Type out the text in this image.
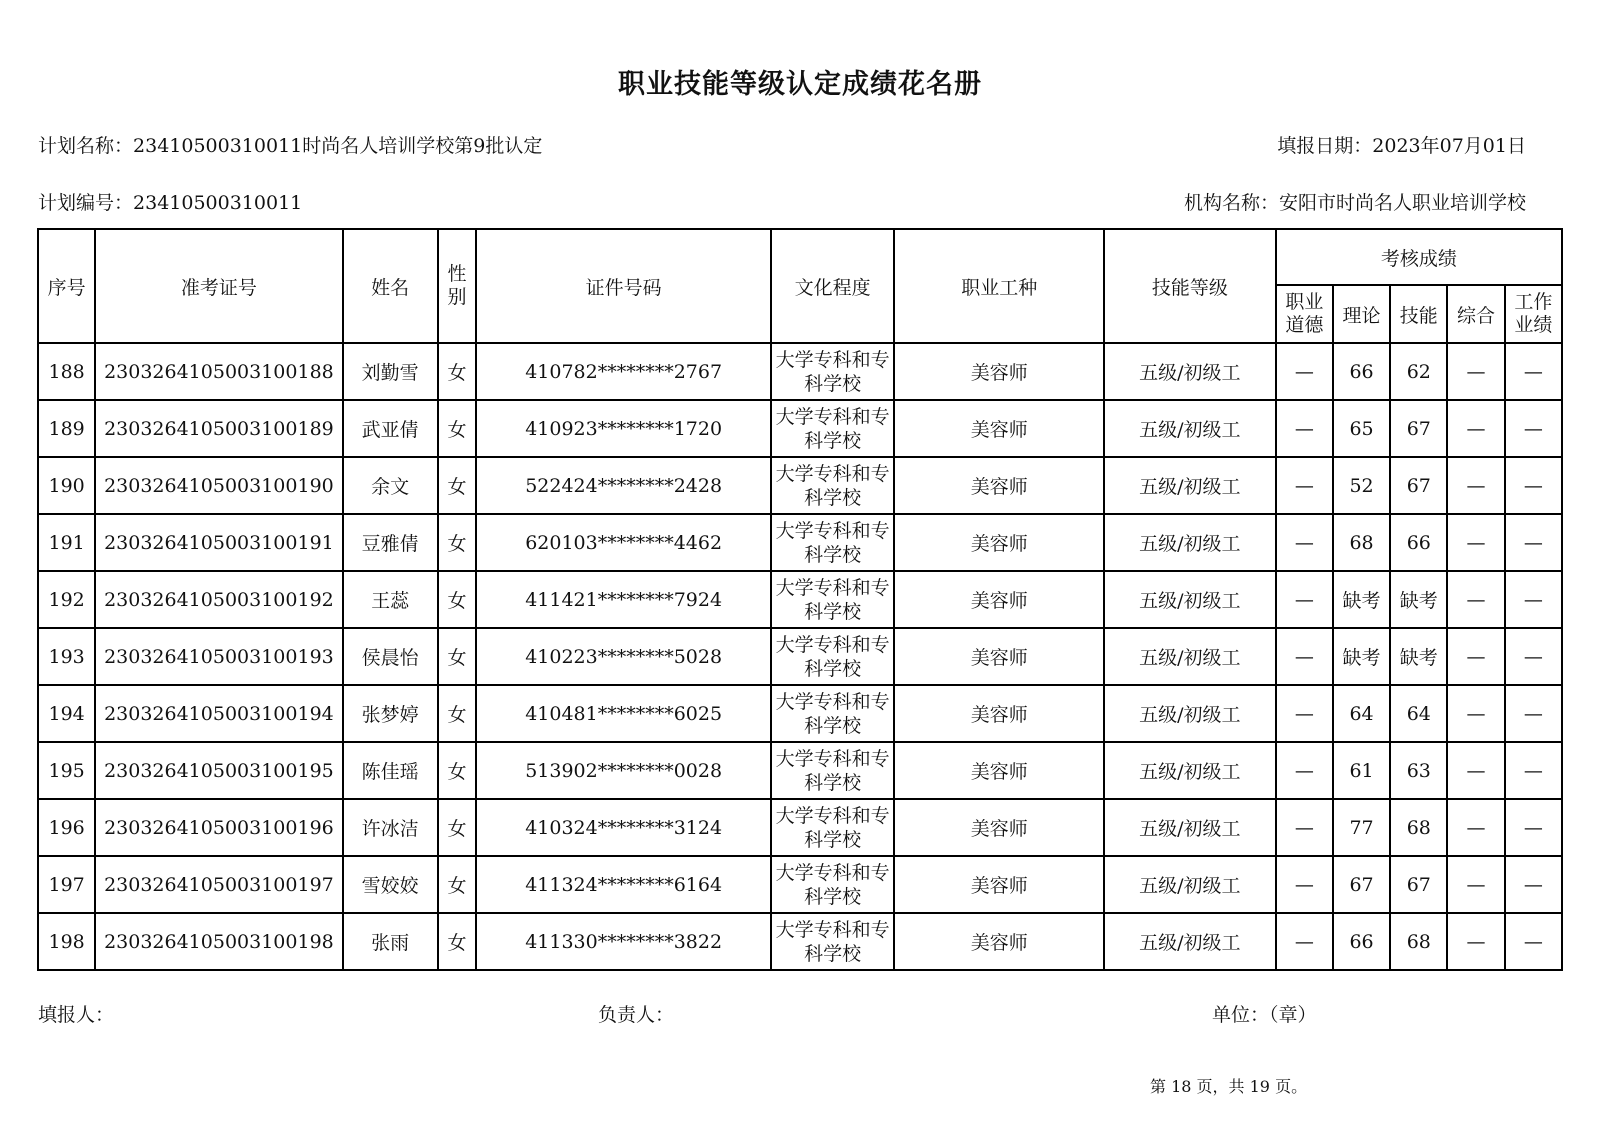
职业技能等级认定成绩花名册
计划名称：23410500310011时尚名人培训学校第9批认定	填报日期：2023年07月01日
计划编号：23410500310011	机构名称：安阳市时尚名人职业培训学校
序号	准考证号	姓名	性别	证件号码	文化程度	职业工种	技能等级	考核成绩				
								职业道德	理论	技能	综合	工作业绩
188	2303264105003100188	刘勤雪	女	410782********2767	大学专科和专科学校	美容师	五级/初级工	—	66	62	—	—
189	2303264105003100189	武亚倩	女	410923********1720	大学专科和专科学校	美容师	五级/初级工	—	65	67	—	—
190	2303264105003100190	余文	女	522424********2428	大学专科和专科学校	美容师	五级/初级工	—	52	67	—	—
191	2303264105003100191	豆雅倩	女	620103********4462	大学专科和专科学校	美容师	五级/初级工	—	68	66	—	—
192	2303264105003100192	王蕊	女	411421********7924	大学专科和专科学校	美容师	五级/初级工	—	缺考	缺考	—	—
193	2303264105003100193	侯晨怡	女	410223********5028	大学专科和专科学校	美容师	五级/初级工	—	缺考	缺考	—	—
194	2303264105003100194	张梦婷	女	410481********6025	大学专科和专科学校	美容师	五级/初级工	—	64	64	—	—
195	2303264105003100195	陈佳瑶	女	513902********0028	大学专科和专科学校	美容师	五级/初级工	—	61	63	—	—
196	2303264105003100196	许冰洁	女	410324********3124	大学专科和专科学校	美容师	五级/初级工	—	77	68	—	—
197	2303264105003100197	雪姣姣	女	411324********6164	大学专科和专科学校	美容师	五级/初级工	—	67	67	—	—
198	2303264105003100198	张雨	女	411330********3822	大学专科和专科学校	美容师	五级/初级工	—	66	68	—	—
填报人：	负责人：	单位：（章）
第 18 页，共 19 页。
